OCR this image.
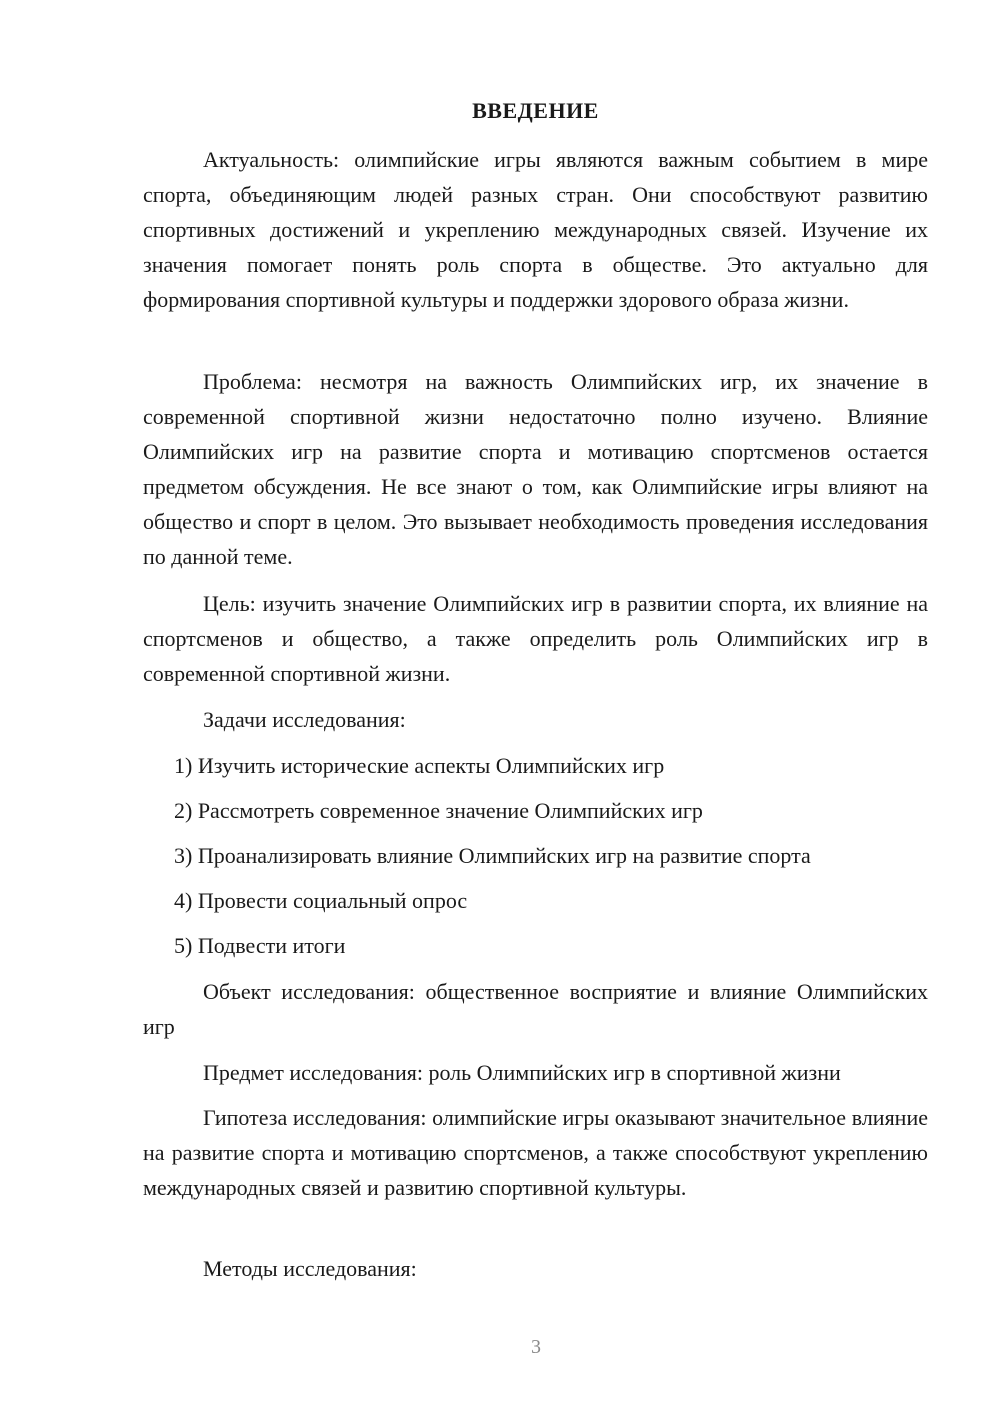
ВВЕДЕНИЕ

Актуальность: олимпийские игры являются важным событием в мире спорта, объединяющим людей разных стран. Они способствуют развитию спортивных достижений и укреплению международных связей. Изучение их значения помогает понять роль спорта в обществе. Это актуально для формирования спортивной культуры и поддержки здорового образа жизни.

Проблема: несмотря на важность Олимпийских игр, их значение в современной спортивной жизни недостаточно полно изучено. Влияние Олимпийских игр на развитие спорта и мотивацию спортсменов остается предметом обсуждения. Не все знают о том, как Олимпийские игры влияют на общество и спорт в целом. Это вызывает необходимость проведения исследования по данной теме.

Цель: изучить значение Олимпийских игр в развитии спорта, их влияние на спортсменов и общество, а также определить роль Олимпийских игр в современной спортивной жизни.

Задачи исследования:
1) Изучить исторические аспекты Олимпийских игр
2) Рассмотреть современное значение Олимпийских игр
3) Проанализировать влияние Олимпийских игр на развитие спорта
4) Провести социальный опрос
5) Подвести итоги

Объект исследования: общественное восприятие и влияние Олимпийских игр

Предмет исследования: роль Олимпийских игр в спортивной жизни

Гипотеза исследования: олимпийские игры оказывают значительное влияние на развитие спорта и мотивацию спортсменов, а также способствуют укреплению международных связей и развитию спортивной культуры.

Методы исследования:
3
